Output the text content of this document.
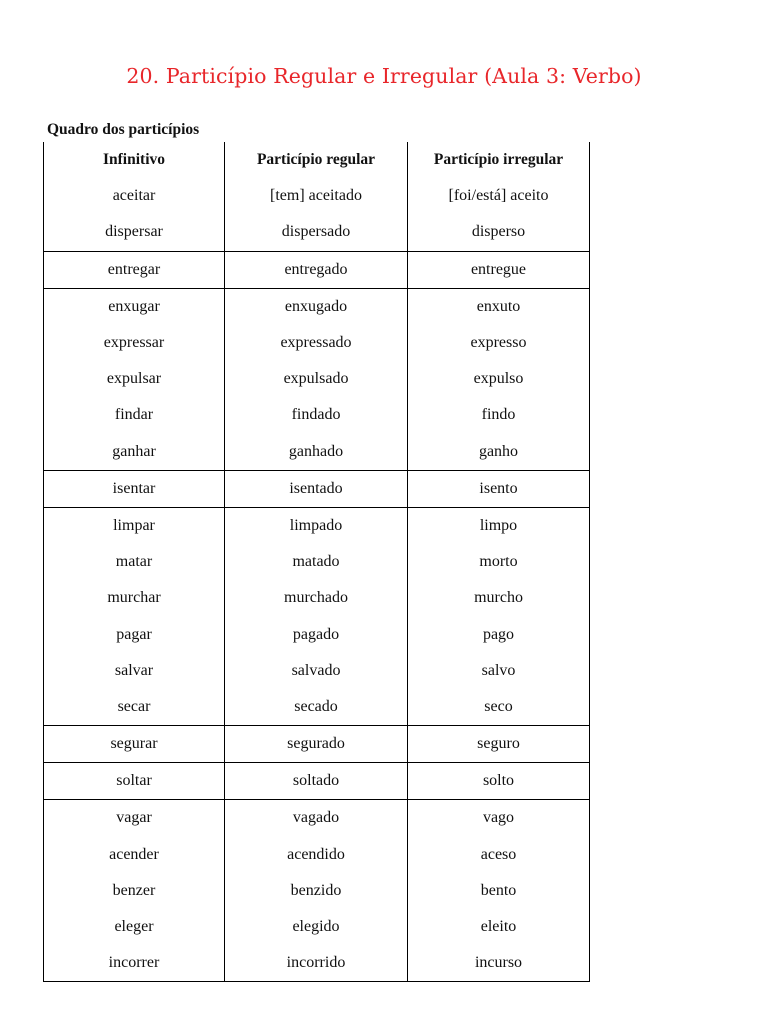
20. Particípio Regular e Irregular (Aula 3: Verbo)
Quadro dos particípios
Infinitivo	Particípio regular	Particípio irregular
aceitar	[tem] aceitado	[foi/está] aceito
dispersar	dispersado	disperso
entregar	entregado	entregue
enxugar	enxugado	enxuto
expressar	expressado	expresso
expulsar	expulsado	expulso
findar	findado	findo
ganhar	ganhado	ganho
isentar	isentado	isento
limpar	limpado	limpo
matar	matado	morto
murchar	murchado	murcho
pagar	pagado	pago
salvar	salvado	salvo
secar	secado	seco
segurar	segurado	seguro
soltar	soltado	solto
vagar	vagado	vago
acender	acendido	aceso
benzer	benzido	bento
eleger	elegido	eleito
incorrer	incorrido	incurso
